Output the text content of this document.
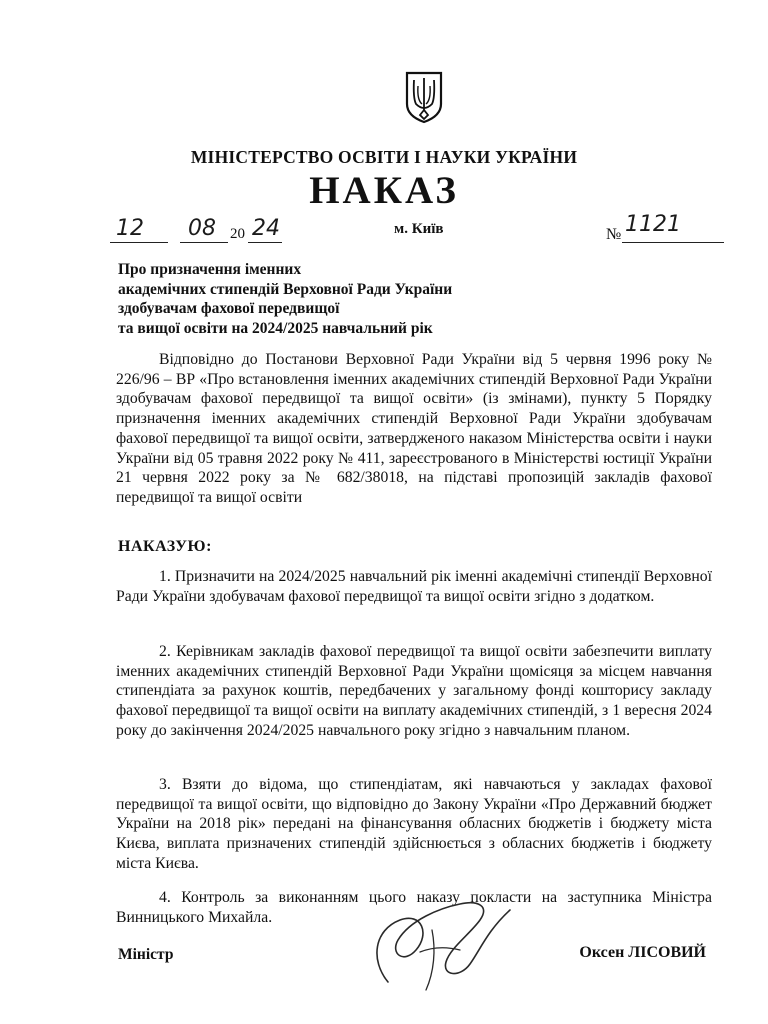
МІНІСТЕРСТВО ОСВІТИ І НАУКИ УКРАЇНИ
НАКАЗ
12 08 20 24	м. Київ	№ 1121
Про призначення іменних
академічних стипендій Верховної Ради України
здобувачам фахової передвищої
та вищої освіти на 2024/2025 навчальний рік
Відповідно до Постанови Верховної Ради України від 5 червня 1996 року № 226/96 – ВР «Про встановлення іменних академічних стипендій Верховної Ради України здобувачам фахової передвищої та вищої освіти» (із змінами), пункту 5 Порядку призначення іменних академічних стипендій Верховної Ради України здобувачам фахової передвищої та вищої освіти, затвердженого наказом Міністерства освіти і науки України від 05 травня 2022 року № 411, зареєстрованого в Міністерстві юстиції України 21 червня 2022 року за № 682/38018, на підставі пропозицій закладів фахової передвищої та вищої освіти
НАКАЗУЮ:
1. Призначити на 2024/2025 навчальний рік іменні академічні стипендії Верховної Ради України здобувачам фахової передвищої та вищої освіти згідно з додатком.
2. Керівникам закладів фахової передвищої та вищої освіти забезпечити виплату іменних академічних стипендій Верховної Ради України щомісяця за місцем навчання стипендіата за рахунок коштів, передбачених у загальному фонді кошторису закладу фахової передвищої та вищої освіти на виплату академічних стипендій, з 1 вересня 2024 року до закінчення 2024/2025 навчального року згідно з навчальним планом.
3. Взяти до відома, що стипендіатам, які навчаються у закладах фахової передвищої та вищої освіти, що відповідно до Закону України «Про Державний бюджет України на 2018 рік» передані на фінансування обласних бюджетів і бюджету міста Києва, виплата призначених стипендій здійснюється з обласних бюджетів і бюджету міста Києва.
4. Контроль за виконанням цього наказу покласти на заступника Міністра Винницького Михайла.
Міністр	Оксен ЛІСОВИЙ
